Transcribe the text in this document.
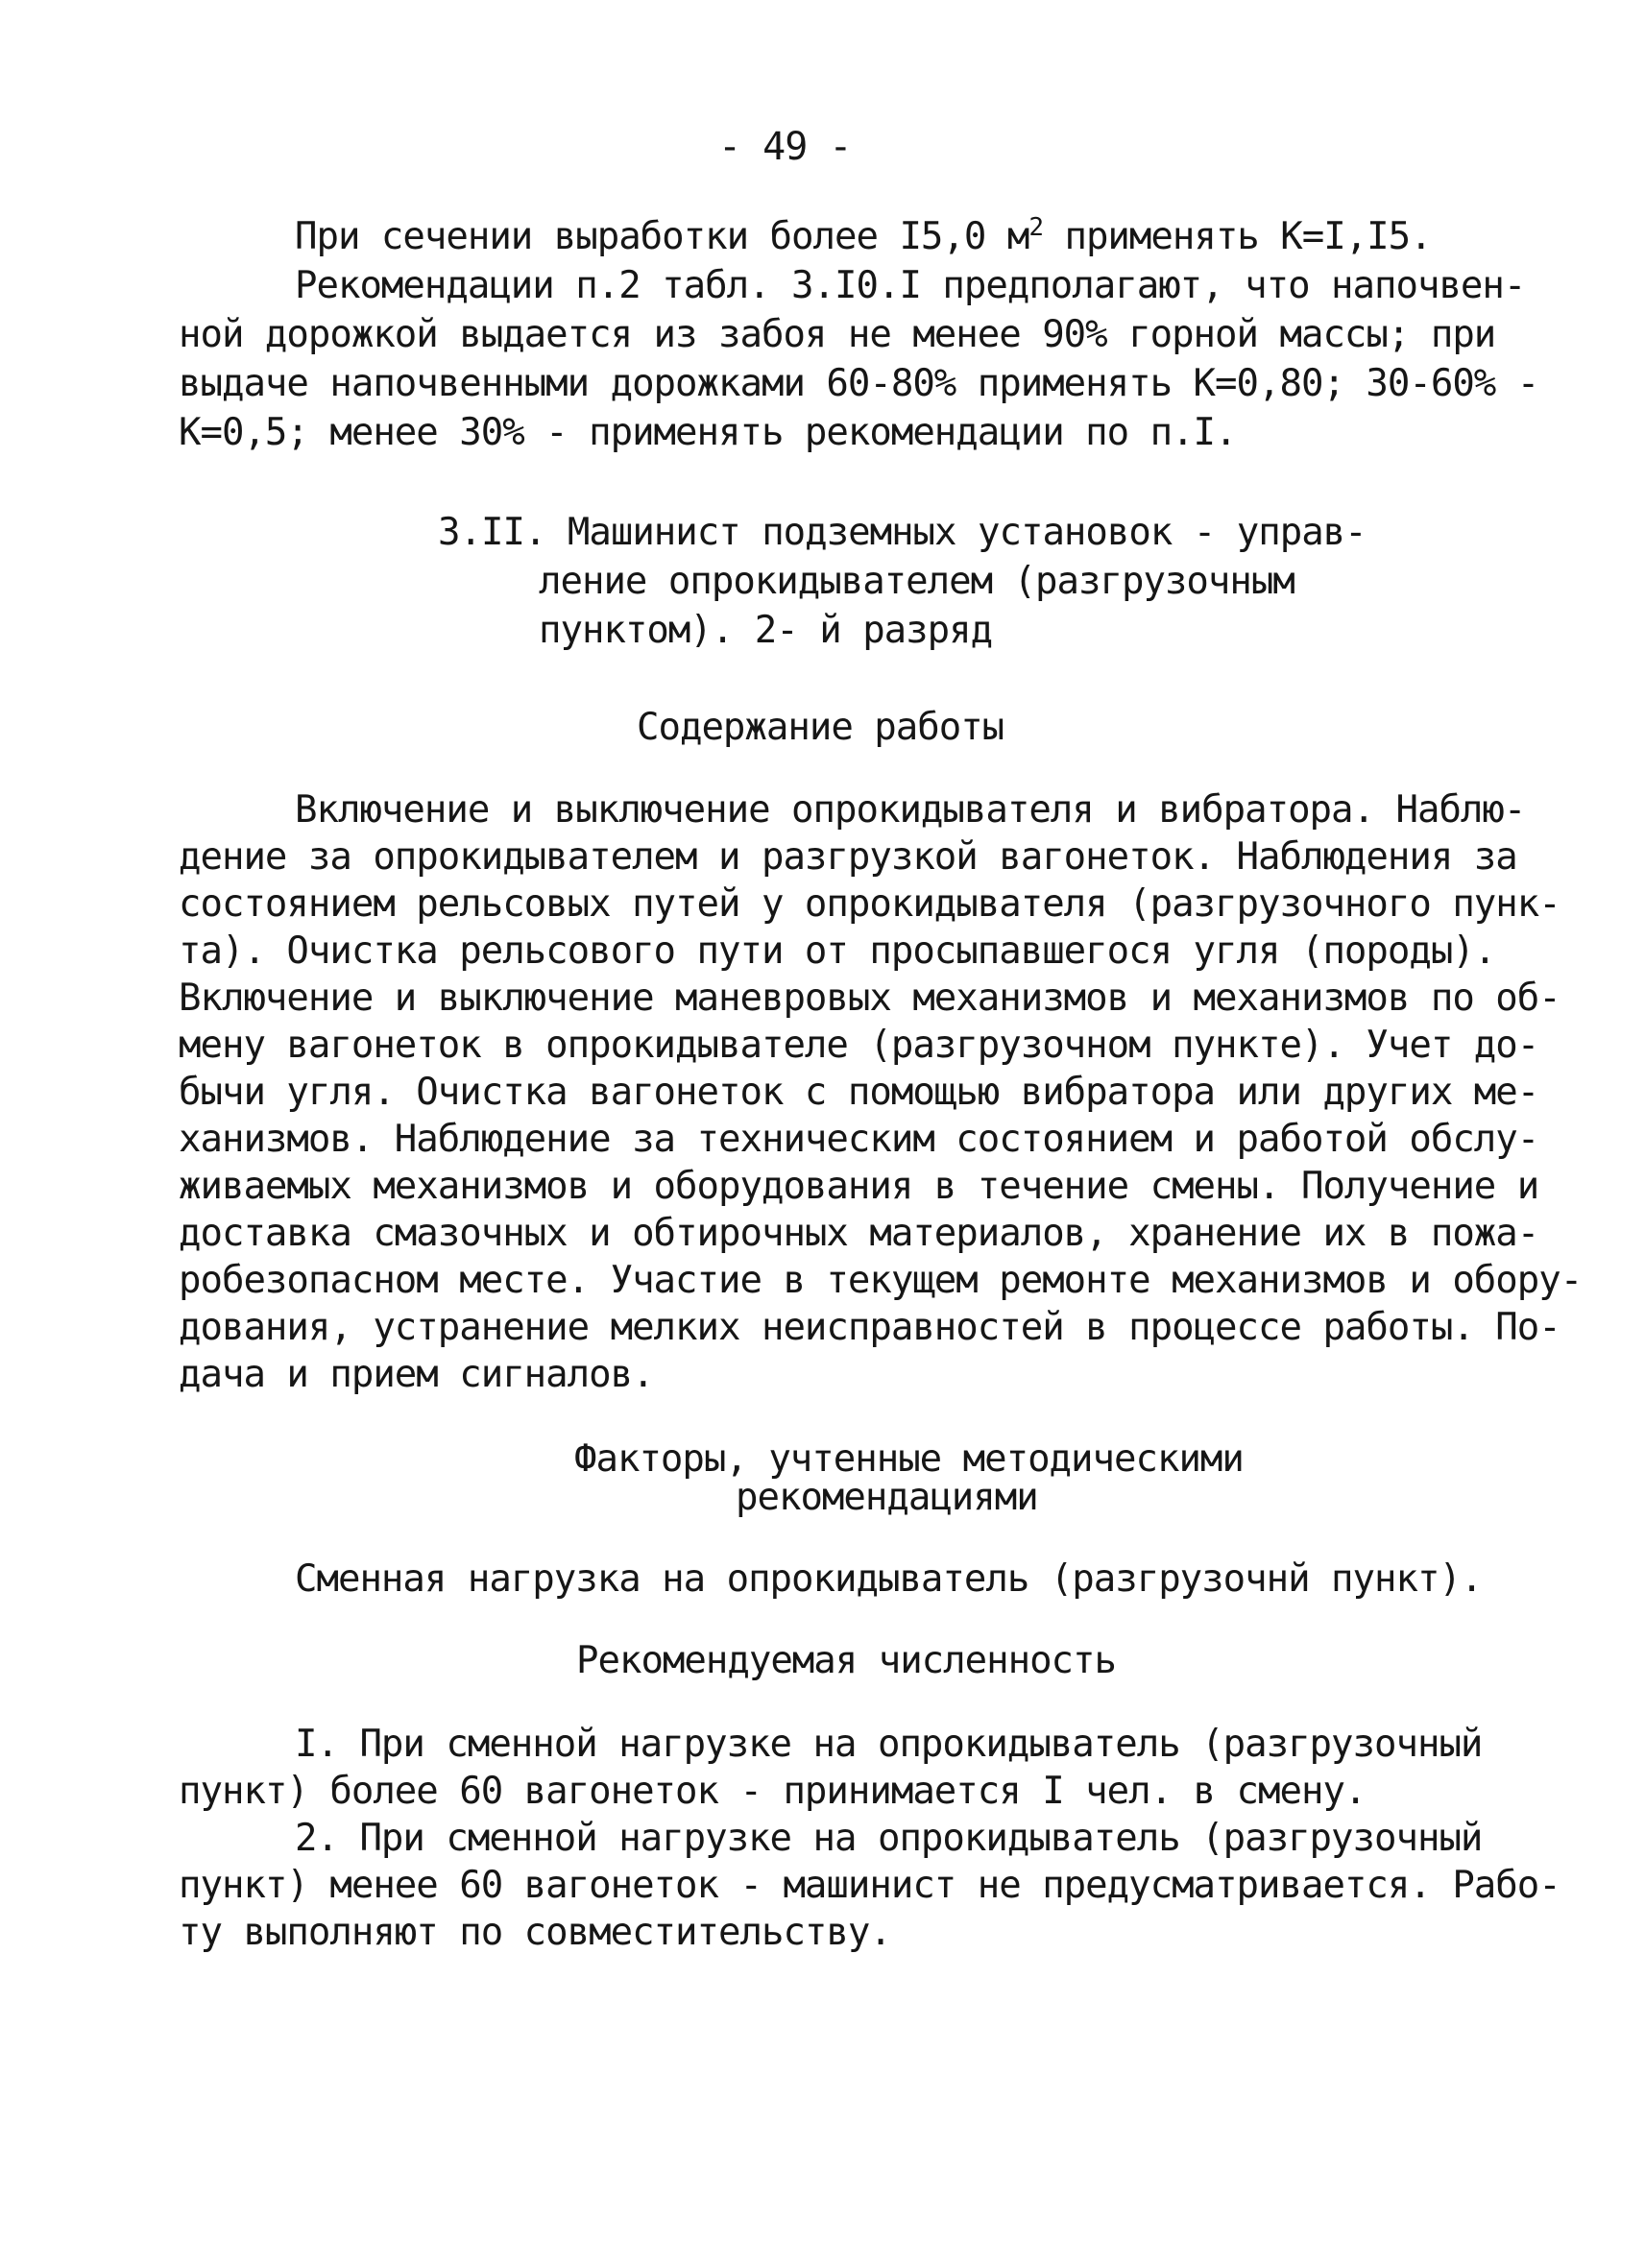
- 49 -
При сечении выработки более I5,0 $м^2$ применять К=I,I5.
Рекомендации п.2 табл. 3.I0.I предполагают, что напочвен-
ной дорожкой выдается из забоя не менее 90% горной массы; при
выдаче напочвенными дорожками 60-80% применять К=0,80; 30-60% -
К=0,5; менее 30% - применять рекомендации по п.I.
3.II. Машинист подземных установок - управ-
ление опрокидывателем (разгрузочным
пунктом). 2- й разряд
Содержание работы
Включение и выключение опрокидывателя и вибратора. Наблю-
дение за опрокидывателем и разгрузкой вагонеток. Наблюдения за
состоянием рельсовых путей у опрокидывателя (разгрузочного пунк-
та). Очистка рельсового пути от просыпавшегося угля (породы).
Включение и выключение маневровых механизмов и механизмов по об-
мену вагонеток в опрокидывателе (разгрузочном пункте). Учет до-
бычи угля. Очистка вагонеток с помощью вибратора или других ме-
ханизмов. Наблюдение за техническим состоянием и работой обслу-
живаемых механизмов и оборудования в течение смены. Получение и
доставка смазочных и обтирочных материалов, хранение их в пожа-
робезопасном месте. Участие в текущем ремонте механизмов и обору-
дования, устранение мелких неисправностей в процессе работы. По-
дача и прием сигналов.
Факторы, учтенные методическими
рекомендациями
Сменная нагрузка на опрокидыватель (разгрузочнй пункт).
Рекомендуемая численность
I. При сменной нагрузке на опрокидыватель (разгрузочный
пункт) более 60 вагонеток - принимается I чел. в смену.
2. При сменной нагрузке на опрокидыватель (разгрузочный
пункт) менее 60 вагонеток - машинист не предусматривается. Рабо-
ту выполняют по совместительству.
